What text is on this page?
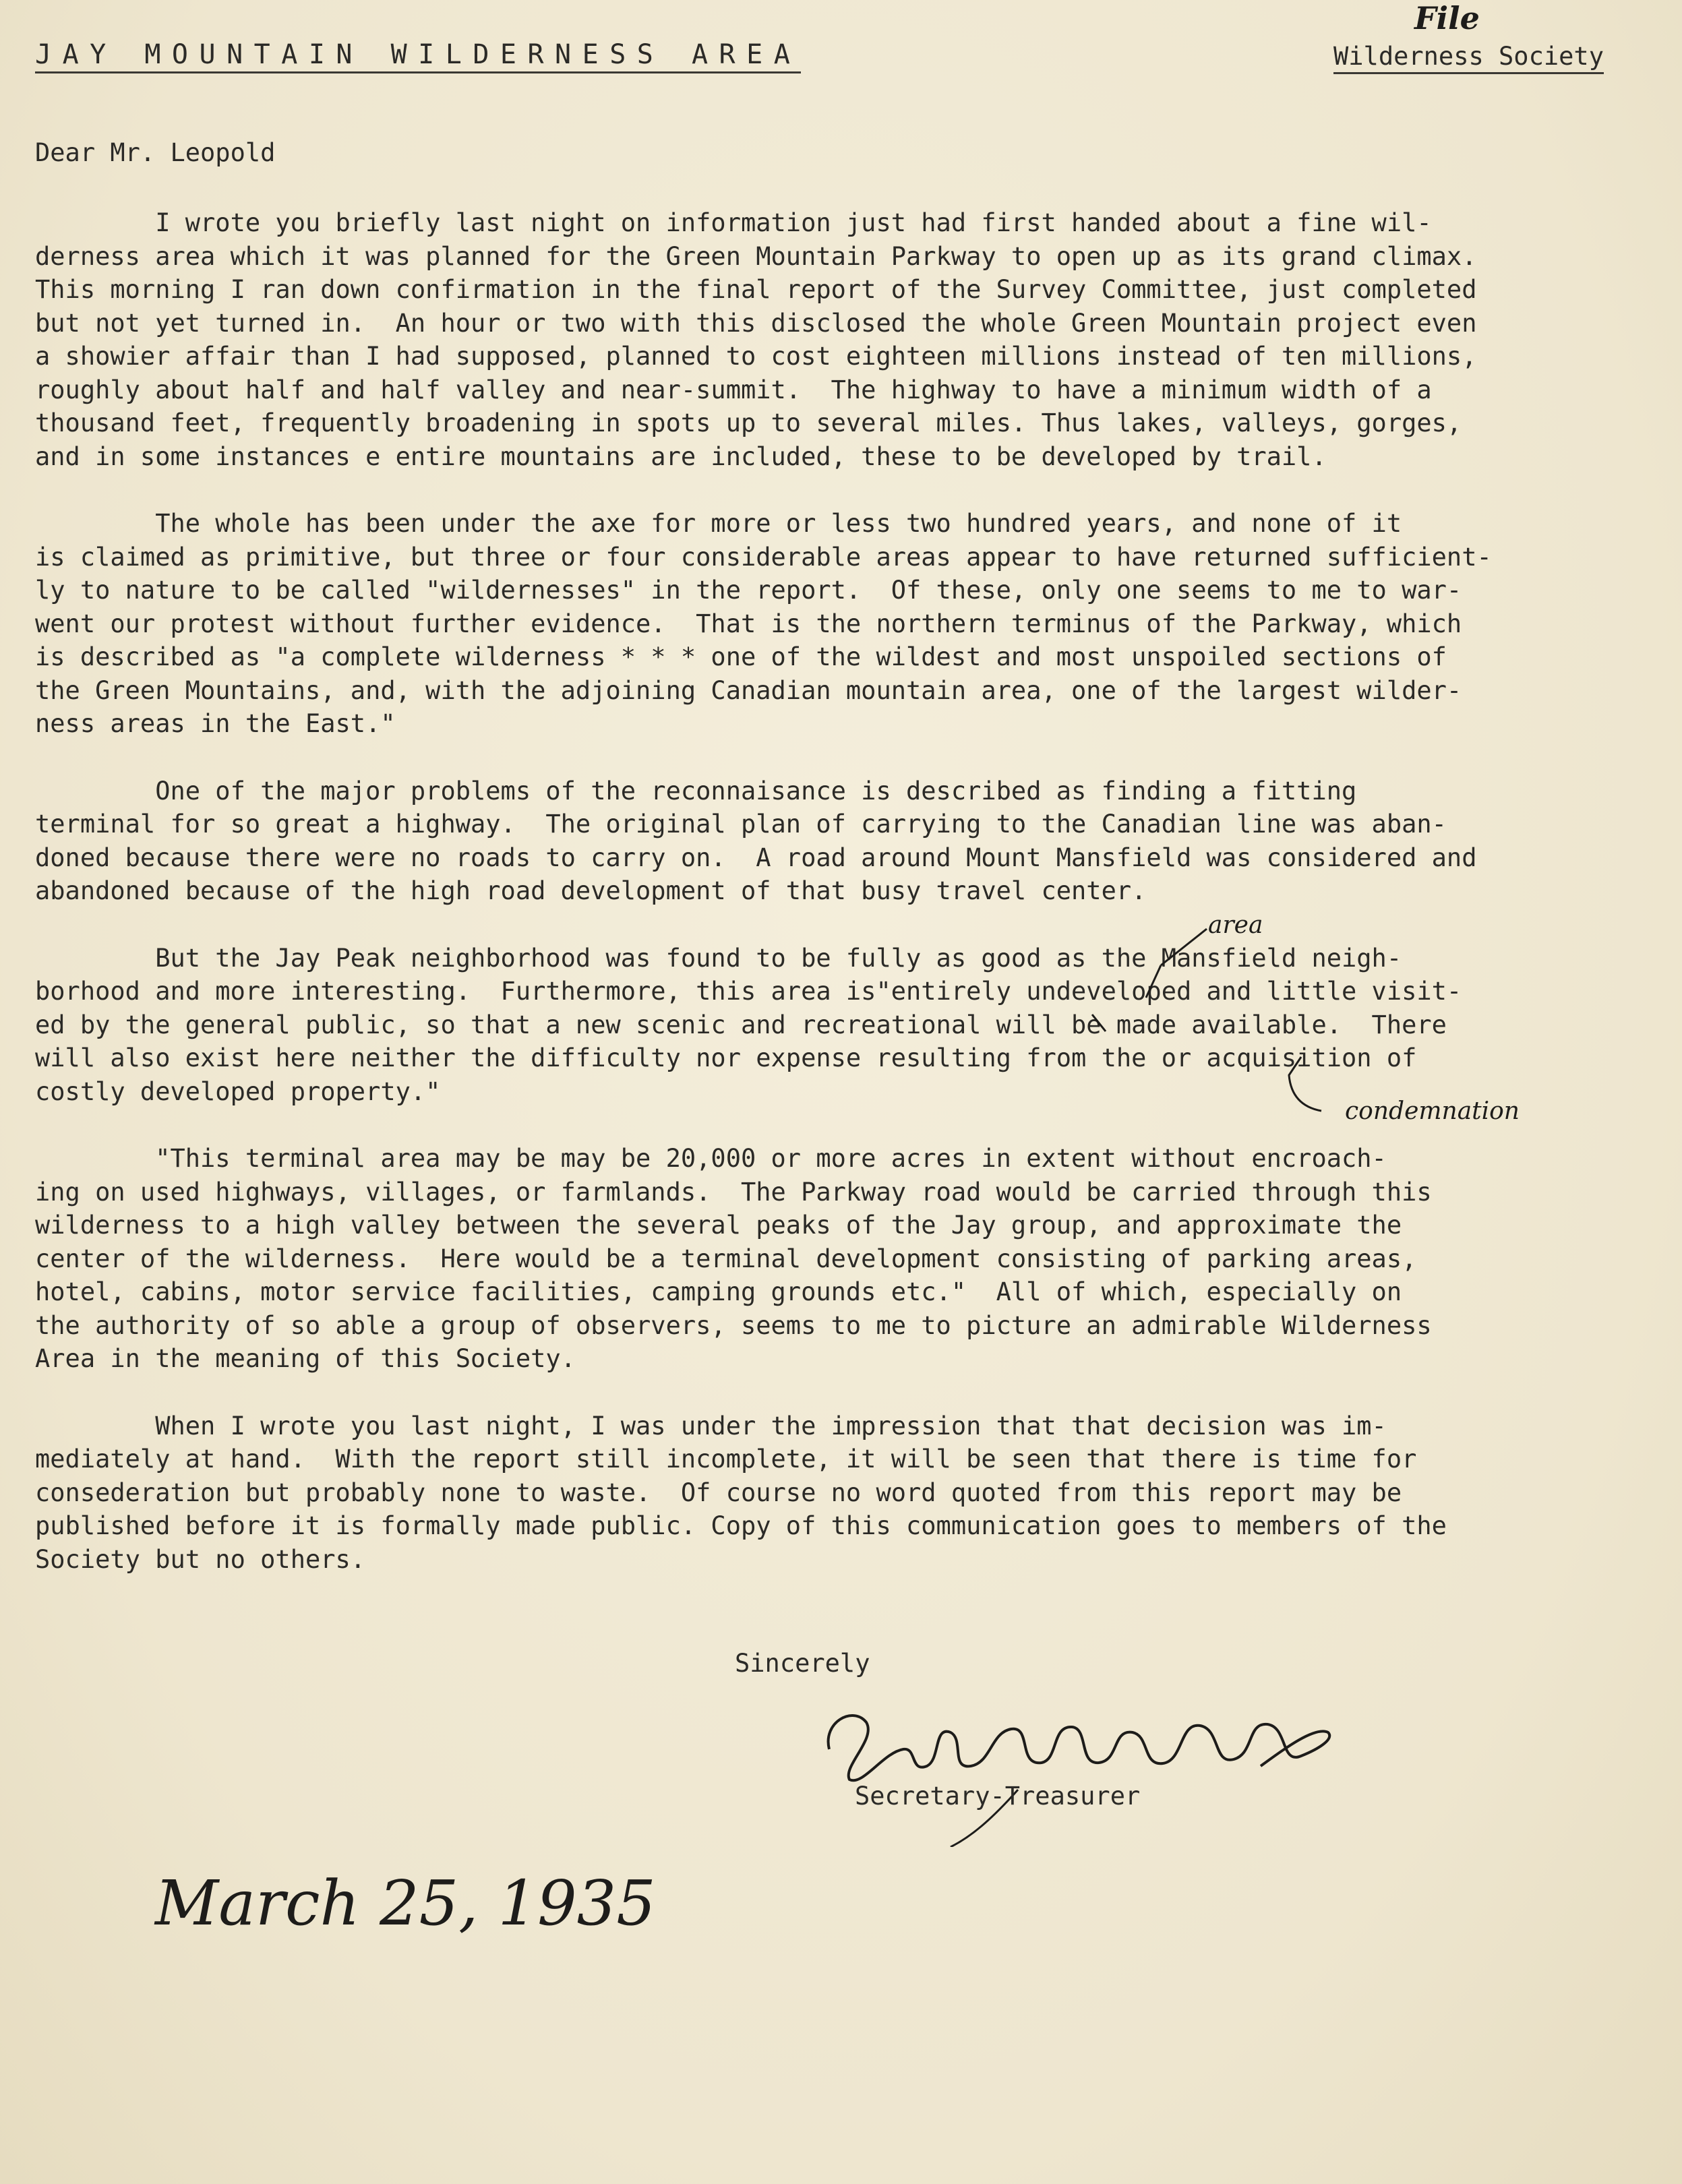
JAY MOUNTAIN WILDERNESS AREA	Wilderness Society
File
Dear Mr. Leopold

I wrote you briefly last night on information just had first handed about a fine wil-
derness area which it was planned for the Green Mountain Parkway to open up as its grand climax.
This morning I ran down confirmation in the final report of the Survey Committee, just completed
but not yet turned in.  An hour or two with this disclosed the whole Green Mountain project even
a showier affair than I had supposed, planned to cost eighteen millions instead of ten millions,
roughly about half and half valley and near-summit.  The highway to have a minimum width of a
thousand feet, frequently broadening in spots up to several miles. Thus lakes, valleys, gorges,
and in some instances e entire mountains are included, these to be developed by trail.

The whole has been under the axe for more or less two hundred years, and none of it
is claimed as primitive, but three or four considerable areas appear to have returned sufficient-
ly to nature to be called "wildernesses" in the report.  Of these, only one seems to me to war-
went our protest without further evidence.  That is the northern terminus of the Parkway, which
is described as "a complete wilderness * * * one of the wildest and most unspoiled sections of
the Green Mountains, and, with the adjoining Canadian mountain area, one of the largest wilder-
ness areas in the East."

One of the major problems of the reconnaisance is described as finding a fitting
terminal for so great a highway.  The original plan of carrying to the Canadian line was aban-
doned because there were no roads to carry on.  A road around Mount Mansfield was considered and
abandoned because of the high road development of that busy travel center.

But the Jay Peak neighborhood was found to be fully as good as the Mansfield neigh-
borhood and more interesting.  Furthermore, this area is"entirely undeveloped and little visit-
ed by the general public, so that a new scenic and recreational will be made available.  There
will also exist here neither the difficulty nor expense resulting from the or acquisition of
costly developed property."

"This terminal area may be may be 20,000 or more acres in extent without encroach-
ing on used highways, villages, or farmlands.  The Parkway road would be carried through this
wilderness to a high valley between the several peaks of the Jay group, and approximate the
center of the wilderness.  Here would be a terminal development consisting of parking areas,
hotel, cabins, motor service facilities, camping grounds etc."  All of which, especially on
the authority of so able a group of observers, seems to me to picture an admirable Wilderness
Area in the meaning of this Society.

When I wrote you last night, I was under the impression that that decision was im-
mediately at hand.  With the report still incomplete, it will be seen that there is time for
consederation but probably none to waste.  Of course no word quoted from this report may be
published before it is formally made public. Copy of this communication goes to members of the
Society but no others.

area
condemnation
Sincerely
Secretary-Treasurer
March 25, 1935
